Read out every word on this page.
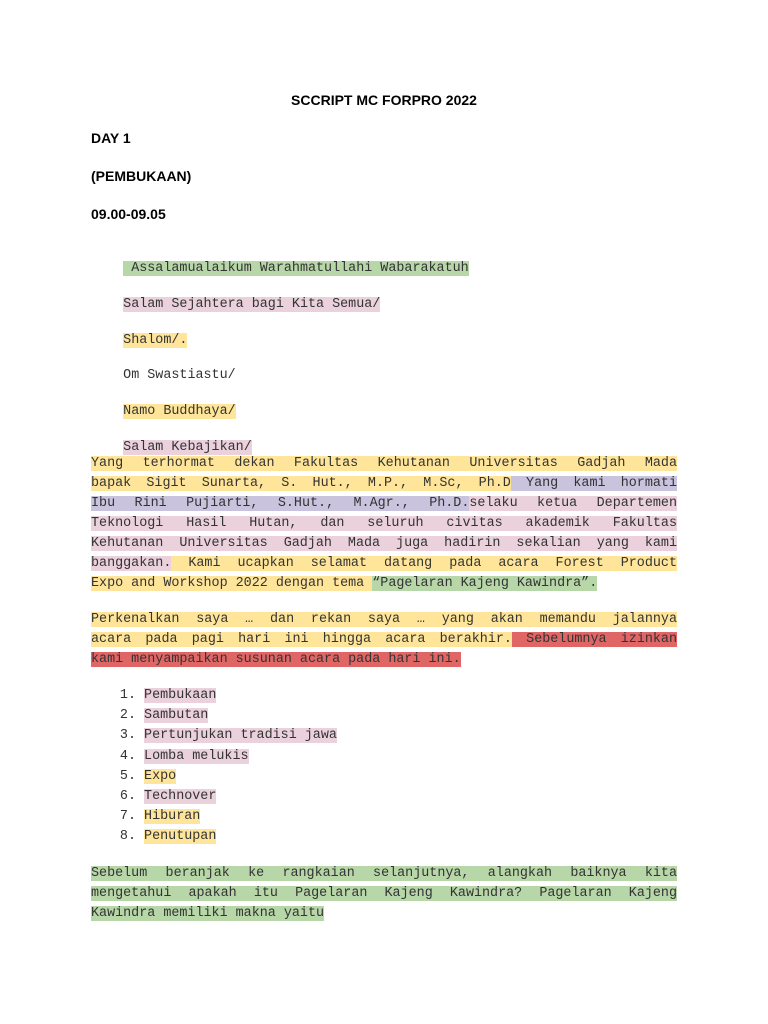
SCCRIPT MC FORPRO 2022
DAY 1
(PEMBUKAAN)
09.00-09.05

Assalamualaikum Warahmatullahi Wabarakatuh

Salam Sejahtera bagi Kita Semua/

Shalom/.

Om Swastiastu/

Namo Buddhaya/

Salam Kebajikan/

Yang terhormat dekan Fakultas Kehutanan Universitas Gadjah Mada
bapak Sigit Sunarta, S. Hut., M.P., M.Sc, Ph.D Yang kami hormati
Ibu Rini Pujiarti, S.Hut., M.Agr., Ph.D.selaku ketua Departemen
Teknologi Hasil Hutan, dan seluruh civitas akademik Fakultas
Kehutanan Universitas Gadjah Mada juga hadirin sekalian yang kami
banggakan. Kami ucapkan selamat datang pada acara Forest Product
Expo and Workshop 2022 dengan tema “Pagelaran Kajeng Kawindra”.
Perkenalkan saya … dan rekan saya … yang akan memandu jalannya
acara pada pagi hari ini hingga acara berakhir. Sebelumnya izinkan
kami menyampaikan susunan acara pada hari ini.
1. Pembukaan
2. Sambutan
3. Pertunjukan tradisi jawa
4. Lomba melukis
5. Expo
6. Technover
7. Hiburan
8. Penutupan
Sebelum beranjak ke rangkaian selanjutnya, alangkah baiknya kita
mengetahui apakah itu Pagelaran Kajeng Kawindra? Pagelaran Kajeng
Kawindra memiliki makna yaitu
